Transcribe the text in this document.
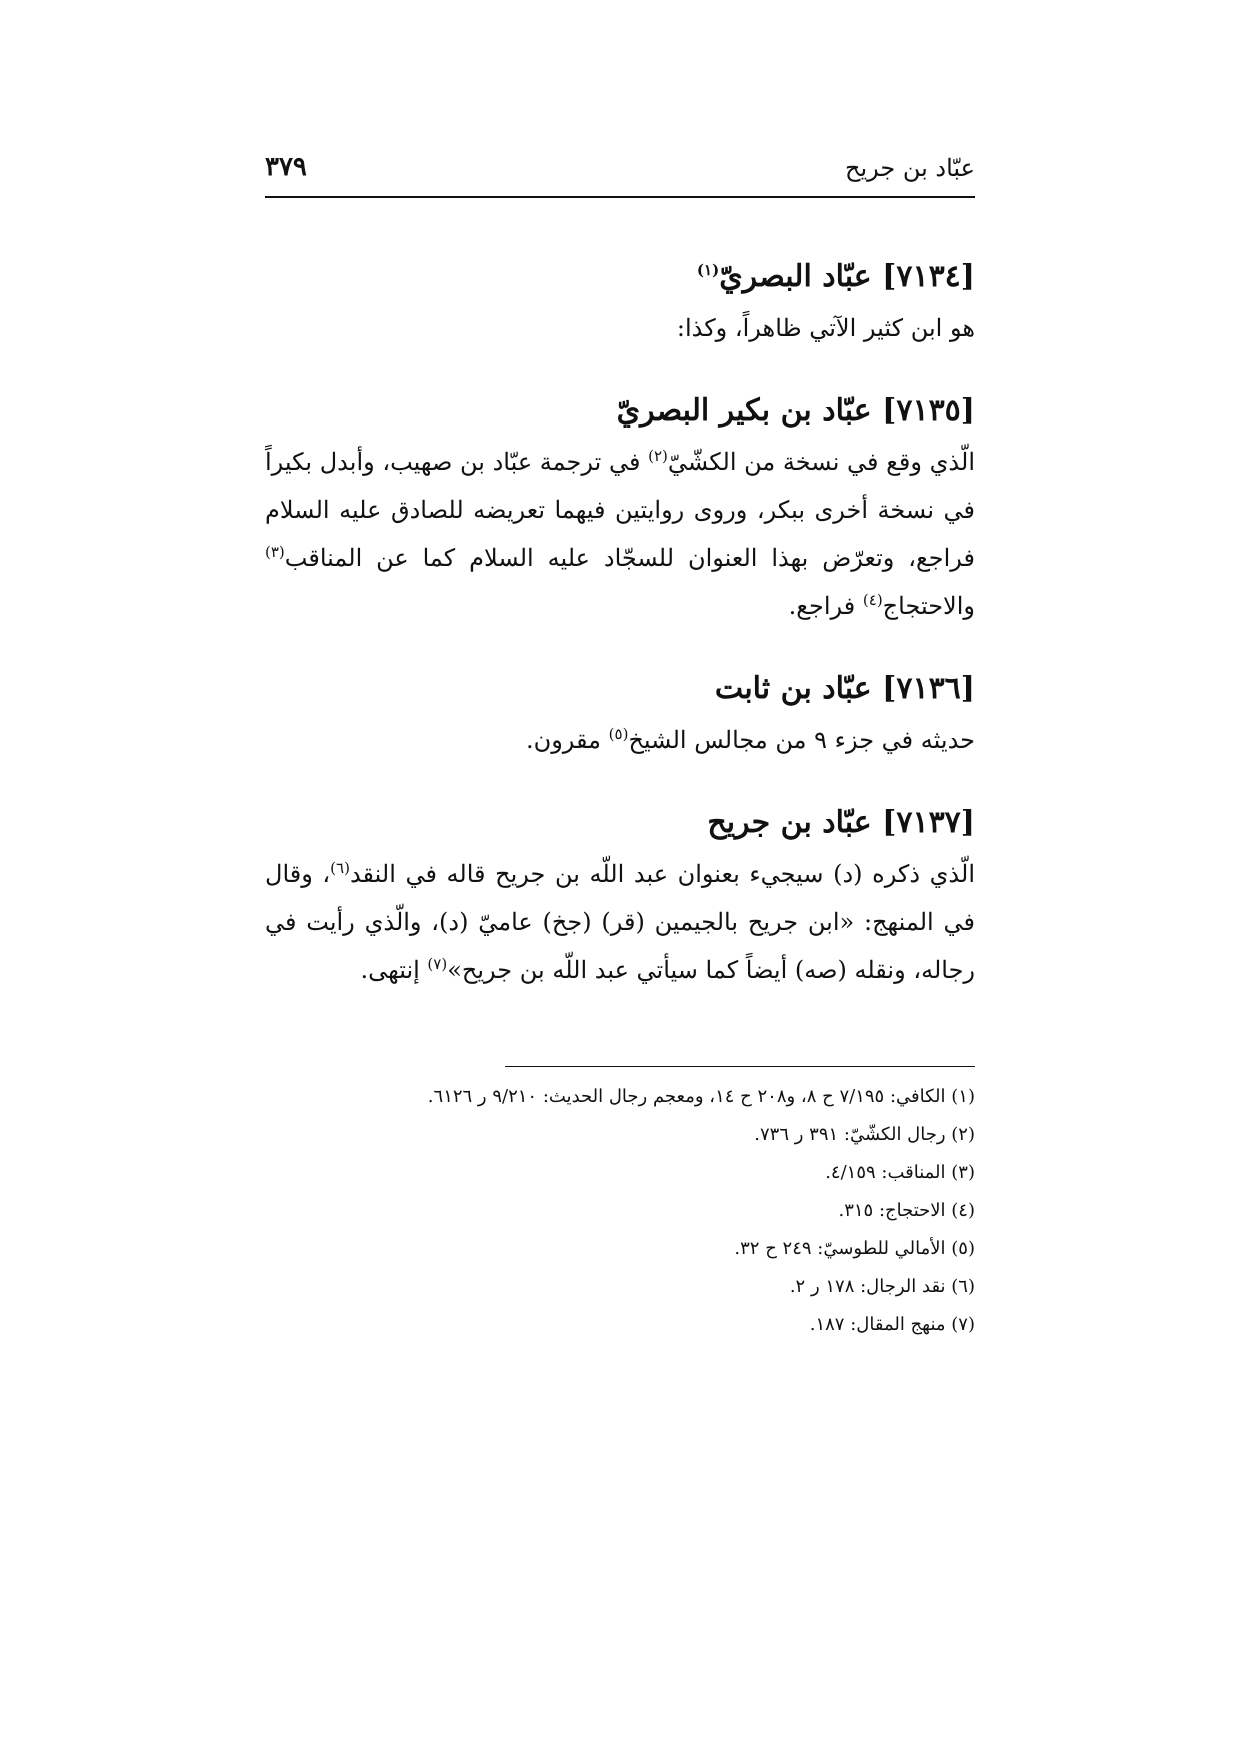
عبّاد بن جريح
٣٧٩

[٧١٣٤] عبّاد البصريّ$^{(١)}$

هو ابن كثير الآتي ظاهراً، وكذا:

[٧١٣٥] عبّاد بن بكير البصريّ

الّذي وقع في نسخة من الكشّيّ$^{(٢)}$ في ترجمة عبّاد بن صهيب، وأبدل بكيراً في نسخة أخرى ببكر، وروى روايتين فيهما تعريضه للصادق عليه السلام فراجع، وتعرّض بهذا العنوان للسجّاد عليه السلام كما عن المناقب$^{(٣)}$ والاحتجاج$^{(٤)}$ فراجع.

[٧١٣٦] عبّاد بن ثابت

حديثه في جزء ٩ من مجالس الشيخ$^{(٥)}$ مقرون.

[٧١٣٧] عبّاد بن جريح

الّذي ذكره (د) سيجيء بعنوان عبد اللّه بن جريح قاله في النقد$^{(٦)}$، وقال في المنهج: «ابن جريح بالجيمين (قر) (جخ) عاميّ (د)، والّذي رأيت في رجاله، ونقله (صه) أيضاً كما سيأتي عبد اللّه بن جريح»$^{(٧)}$ إنتهى.

(١) الكافي: ٧/١٩٥ ح ٨، و٢٠٨ ح ١٤، ومعجم رجال الحديث: ٩/٢١٠ ر ٦١٢٦.
(٢) رجال الكشّيّ: ٣٩١ ر ٧٣٦.
(٣) المناقب: ٤/١٥٩.
(٤) الاحتجاج: ٣١٥.
(٥) الأمالي للطوسيّ: ٢٤٩ ح ٣٢.
(٦) نقد الرجال: ١٧٨ ر ٢.
(٧) منهج المقال: ١٨٧.
